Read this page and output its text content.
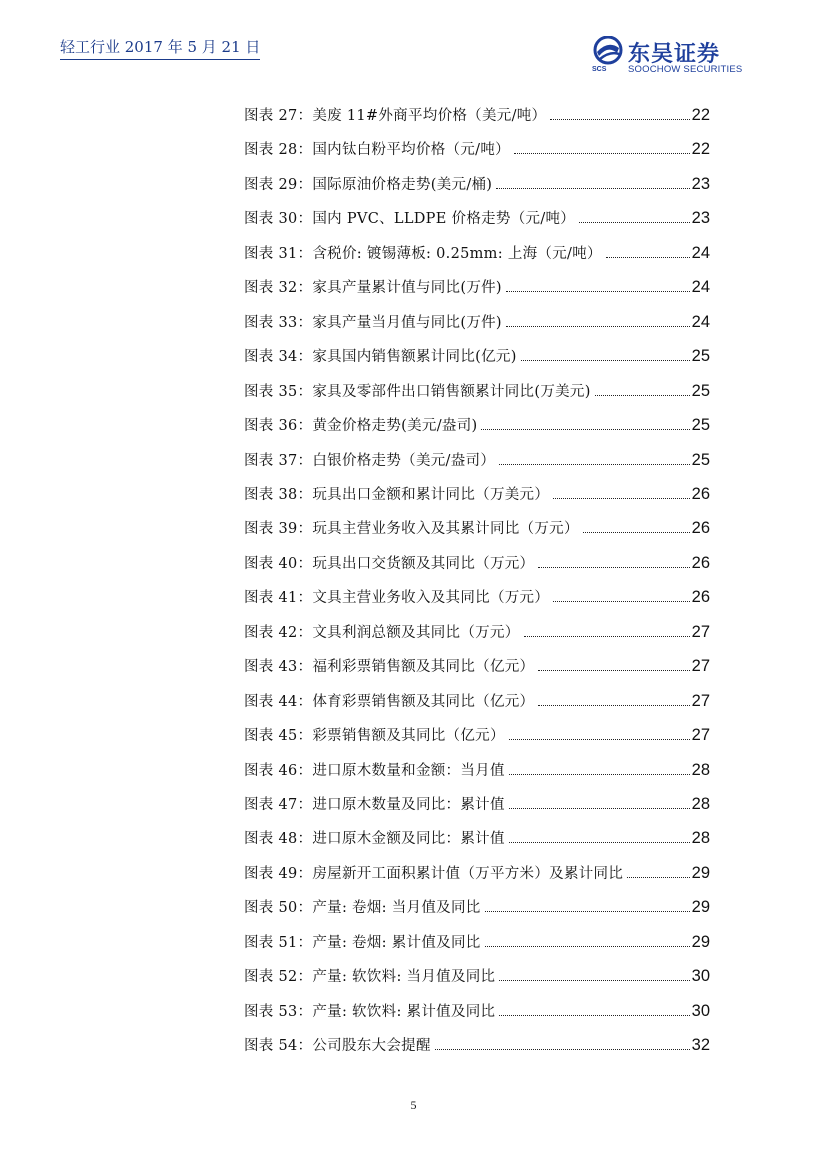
轻工行业 2017 年 5 月 21 日
SCS
东吴证券
SOOCHOW SECURITIES
图表 27：美废 11#外商平均价格（美元/吨）	22
图表 28：国内钛白粉平均价格（元/吨）	22
图表 29：国际原油价格走势(美元/桶)	23
图表 30：国内 PVC、LLDPE 价格走势（元/吨）	23
图表 31：含税价: 镀锡薄板: 0.25mm: 上海（元/吨）	24
图表 32：家具产量累计值与同比(万件)	24
图表 33：家具产量当月值与同比(万件)	24
图表 34：家具国内销售额累计同比(亿元)	25
图表 35：家具及零部件出口销售额累计同比(万美元)	25
图表 36：黄金价格走势(美元/盎司)	25
图表 37：白银价格走势（美元/盎司）	25
图表 38：玩具出口金额和累计同比（万美元）	26
图表 39：玩具主营业务收入及其累计同比（万元）	26
图表 40：玩具出口交货额及其同比（万元）	26
图表 41：文具主营业务收入及其同比（万元）	26
图表 42：文具利润总额及其同比（万元）	27
图表 43：福利彩票销售额及其同比（亿元）	27
图表 44：体育彩票销售额及其同比（亿元）	27
图表 45：彩票销售额及其同比（亿元）	27
图表 46：进口原木数量和金额：当月值	28
图表 47：进口原木数量及同比：累计值	28
图表 48：进口原木金额及同比：累计值	28
图表 49：房屋新开工面积累计值（万平方米）及累计同比	29
图表 50：产量: 卷烟: 当月值及同比	29
图表 51：产量: 卷烟: 累计值及同比	29
图表 52：产量: 软饮料: 当月值及同比	30
图表 53：产量: 软饮料: 累计值及同比	30
图表 54：公司股东大会提醒	32
5
